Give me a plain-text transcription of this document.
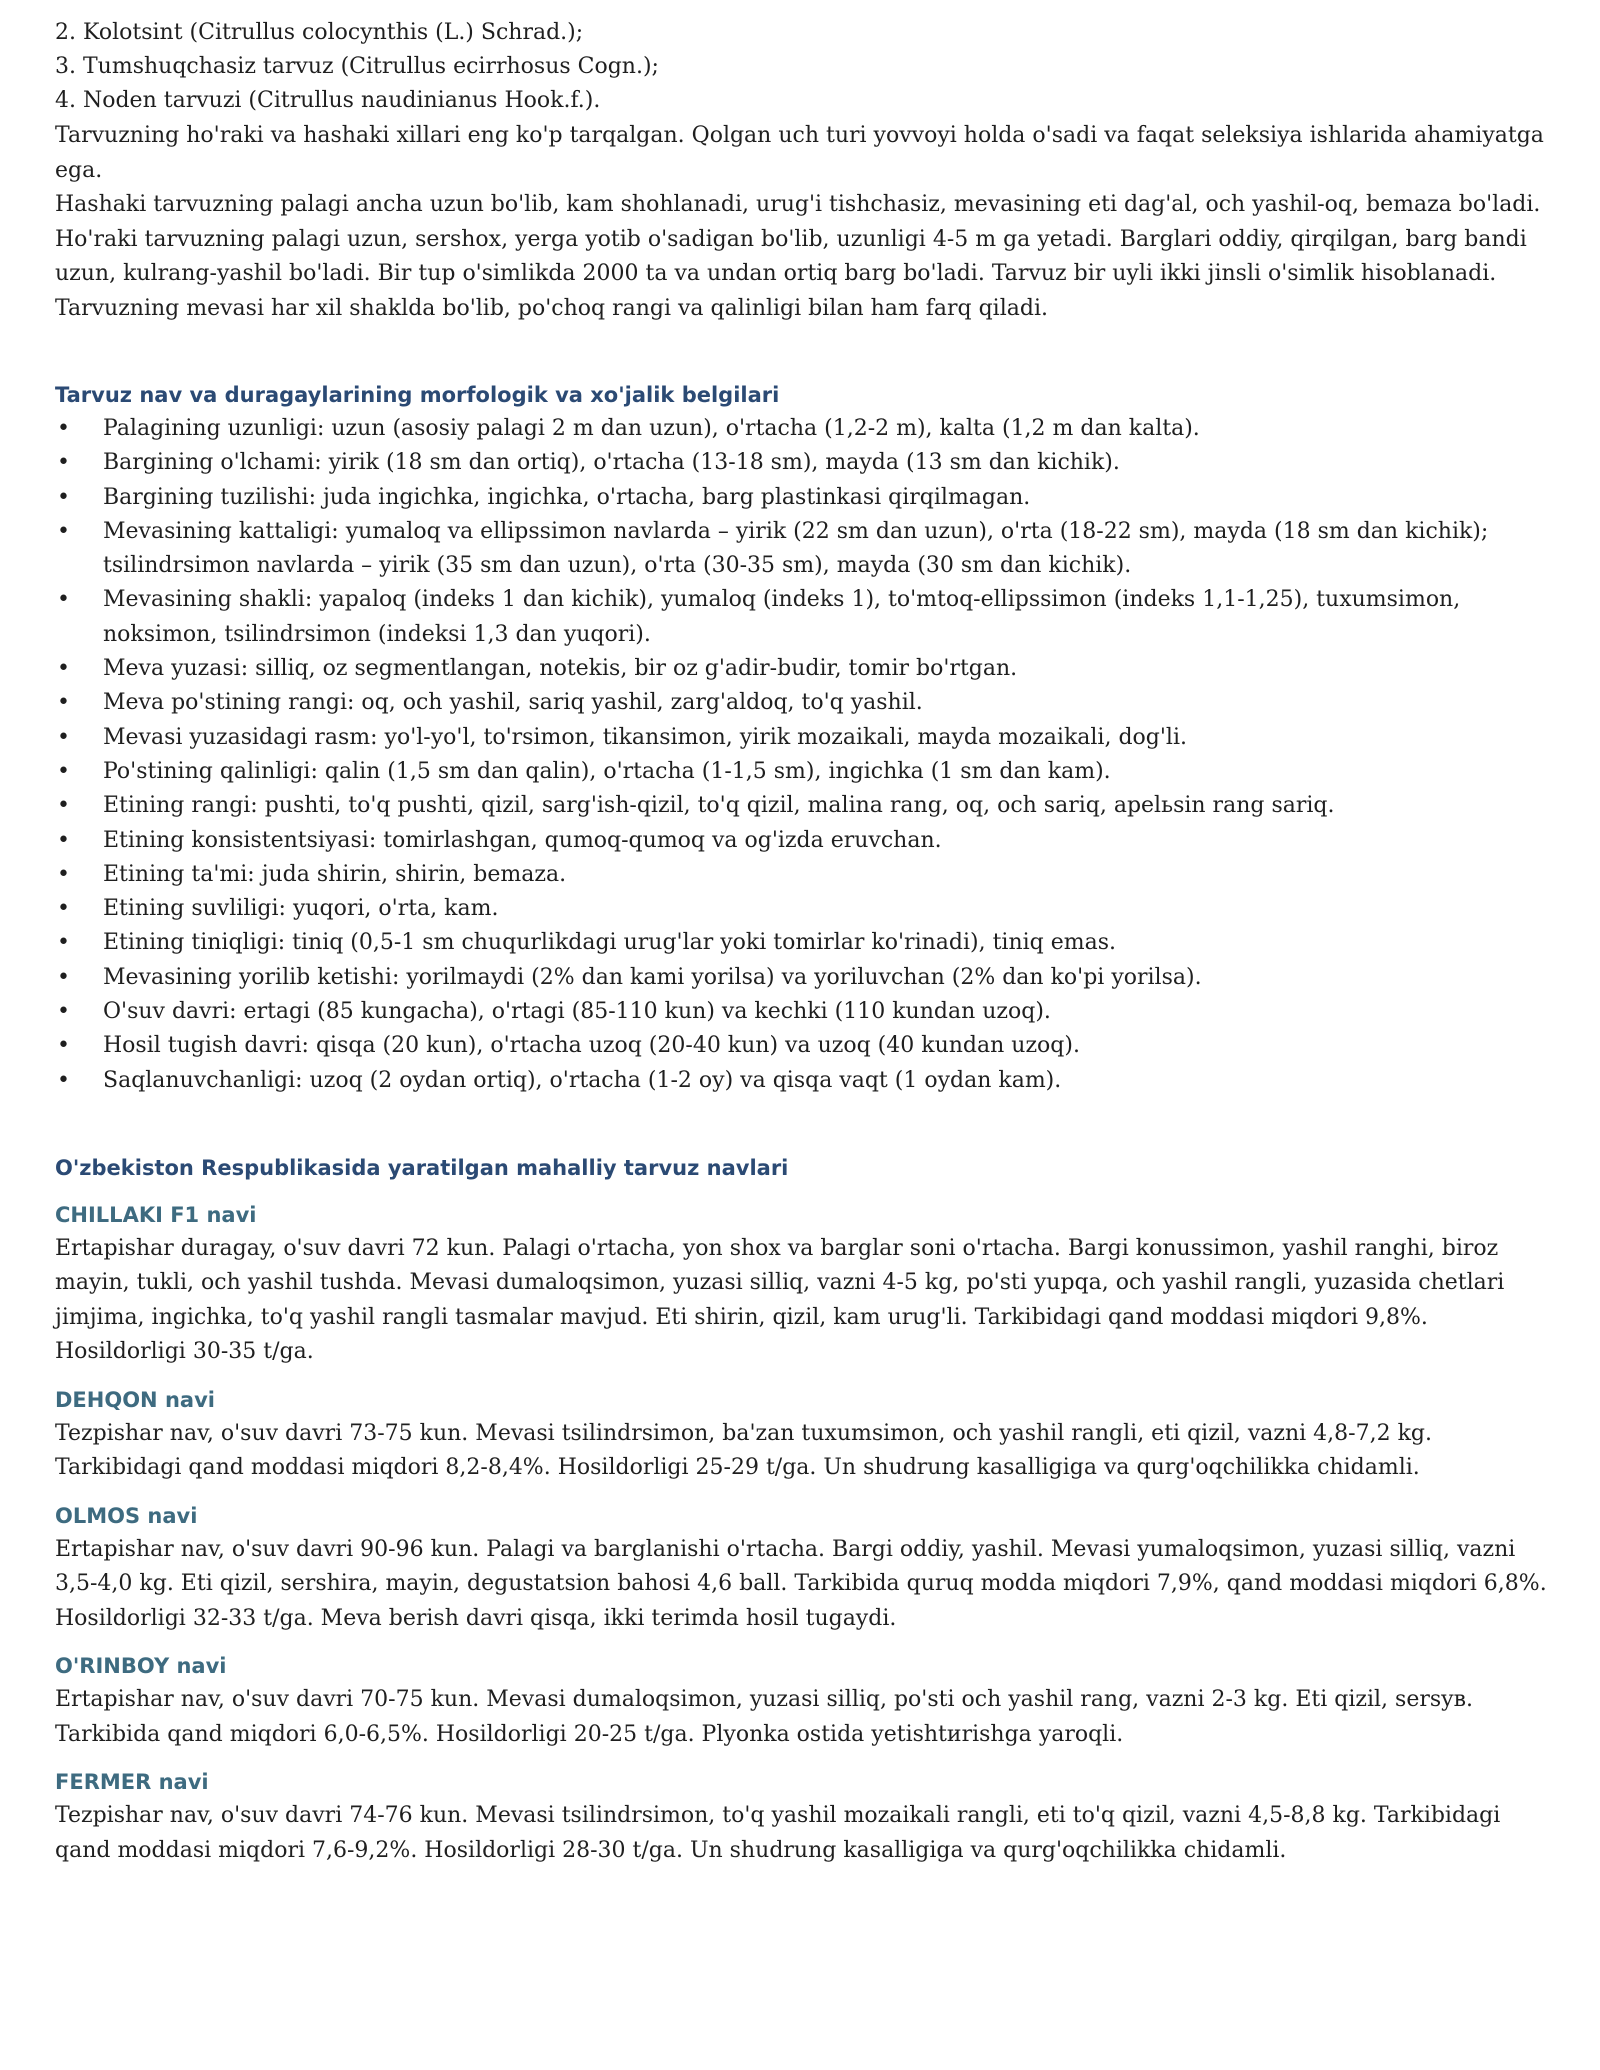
2. Kolotsint (Citrullus colocynthis (L.) Schrad.);

3. Tumshuqchasiz tarvuz (Citrullus ecirrhosus Cogn.);

4. Noden tarvuzi (Citrullus naudinianus Hook.f.).

Tarvuzning ho'raki va hashaki xillari eng ko'p tarqalgan. Qolgan uch turi yovvoyi holda o'sadi va faqat seleksiya ishlarida ahamiyatga ega.

Hashaki tarvuzning palagi ancha uzun bo'lib, kam shohlanadi, urug'i tishchasiz, mevasining eti dag'al, och yashil-oq, bemaza bo'ladi.

Ho'raki tarvuzning palagi uzun, sershox, yerga yotib o'sadigan bo'lib, uzunligi 4-5 m ga yetadi. Barglari oddiy, qirqilgan, barg bandi uzun, kulrang-yashil bo'ladi. Bir tup o'simlikda 2000 ta va undan ortiq barg bo'ladi. Tarvuz bir uyli ikki jinsli o'simlik hisoblanadi. Tarvuzning mevasi har xil shaklda bo'lib, po'choq rangi va qalinligi bilan ham farq qiladi.

Tarvuz nav va duragaylarining morfologik va xo'jalik belgilari
• Palagining uzunligi: uzun (asosiy palagi 2 m dan uzun), o'rtacha (1,2-2 m), kalta (1,2 m dan kalta).
• Bargining o'lchami: yirik (18 sm dan ortiq), o'rtacha (13-18 sm), mayda (13 sm dan kichik).
• Bargining tuzilishi: juda ingichka, ingichka, o'rtacha, barg plastinkasi qirqilmagan.
• Mevasining kattaligi: yumaloq va ellipssimon navlarda – yirik (22 sm dan uzun), o'rta (18-22 sm), mayda (18 sm dan kichik); tsilindrsimon navlarda – yirik (35 sm dan uzun), o'rta (30-35 sm), mayda (30 sm dan kichik).
• Mevasining shakli: yapaloq (indeks 1 dan kichik), yumaloq (indeks 1), to'mtoq-ellipssimon (indeks 1,1-1,25), tuxumsimon, noksimon, tsilindrsimon (indeksi 1,3 dan yuqori).
• Meva yuzasi: silliq, oz segmentlangan, notekis, bir oz g'adir-budir, tomir bo'rtgan.
• Meva po'stining rangi: oq, och yashil, sariq yashil, zarg'aldoq, to'q yashil.
• Mevasi yuzasidagi rasm: yo'l-yo'l, to'rsimon, tikansimon, yirik mozaikali, mayda mozaikali, dog'li.
• Po'stining qalinligi: qalin (1,5 sm dan qalin), o'rtacha (1-1,5 sm), ingichka (1 sm dan kam).
• Etining rangi: pushti, to'q pushti, qizil, sarg'ish-qizil, to'q qizil, malina rang, oq, och sariq, apelьsin rang sariq.
• Etining konsistentsiyasi: tomirlashgan, qumoq-qumoq va og'izda eruvchan.
• Etining ta'mi: juda shirin, shirin, bemaza.
• Etining suvliligi: yuqori, o'rta, kam.
• Etining tiniqligi: tiniq (0,5-1 sm chuqurlikdagi urug'lar yoki tomirlar ko'rinadi), tiniq emas.
• Mevasining yorilib ketishi: yorilmaydi (2% dan kami yorilsa) va yoriluvchan (2% dan ko'pi yorilsa).
• O'suv davri: ertagi (85 kungacha), o'rtagi (85-110 kun) va kechki (110 kundan uzoq).
• Hosil tugish davri: qisqa (20 kun), o'rtacha uzoq (20-40 kun) va uzoq (40 kundan uzoq).
• Saqlanuvchanligi: uzoq (2 oydan ortiq), o'rtacha (1-2 oy) va qisqa vaqt (1 oydan kam).
O'zbekiston Respublikasida yaratilgan mahalliy tarvuz navlari
CHILLAKI F1 navi

Ertapishar duragay, o'suv davri 72 kun. Palagi o'rtacha, yon shox va barglar soni o'rtacha. Bargi konussimon, yashil ranghi, biroz mayin, tukli, och yashil tushda. Mevasi dumaloqsimon, yuzasi silliq, vazni 4-5 kg, po'sti yupqa, och yashil rangli, yuzasida chetlari jimjima, ingichka, to'q yashil rangli tasmalar mavjud. Eti shirin, qizil, kam urug'li. Tarkibidagi qand moddasi miqdori 9,8%. Hosildorligi 30-35 t/ga.

DEHQON navi

Tezpishar nav, o'suv davri 73-75 kun. Mevasi tsilindrsimon, ba'zan tuxumsimon, och yashil rangli, eti qizil, vazni 4,8-7,2 kg. Tarkibidagi qand moddasi miqdori 8,2-8,4%. Hosildorligi 25-29 t/ga. Un shudrung kasalligiga va qurg'oqchilikka chidamli.

OLMOS navi

Ertapishar nav, o'suv davri 90-96 kun. Palagi va barglanishi o'rtacha. Bargi oddiy, yashil. Mevasi yumaloqsimon, yuzasi silliq, vazni 3,5-4,0 kg. Eti qizil, sershira, mayin, degustatsion bahosi 4,6 ball. Tarkibida quruq modda miqdori 7,9%, qand moddasi miqdori 6,8%. Hosildorligi 32-33 t/ga. Meva berish davri qisqa, ikki terimda hosil tugaydi.

O'RINBOY navi

Ertapishar nav, o'suv davri 70-75 kun. Mevasi dumaloqsimon, yuzasi silliq, po'sti och yashil rang, vazni 2-3 kg. Eti qizil, sersyв. Tarkibida qand miqdori 6,0-6,5%. Hosildorligi 20-25 t/ga. Plyonka ostida yetishtиrishga yaroqli.

FERMER navi

Tezpishar nav, o'suv davri 74-76 kun. Mevasi tsilindrsimon, to'q yashil mozaikali rangli, eti to'q qizil, vazni 4,5-8,8 kg. Tarkibidagi qand moddasi miqdori 7,6-9,2%. Hosildorligi 28-30 t/ga. Un shudrung kasalligiga va qurg'oqchilikka chidamli.
